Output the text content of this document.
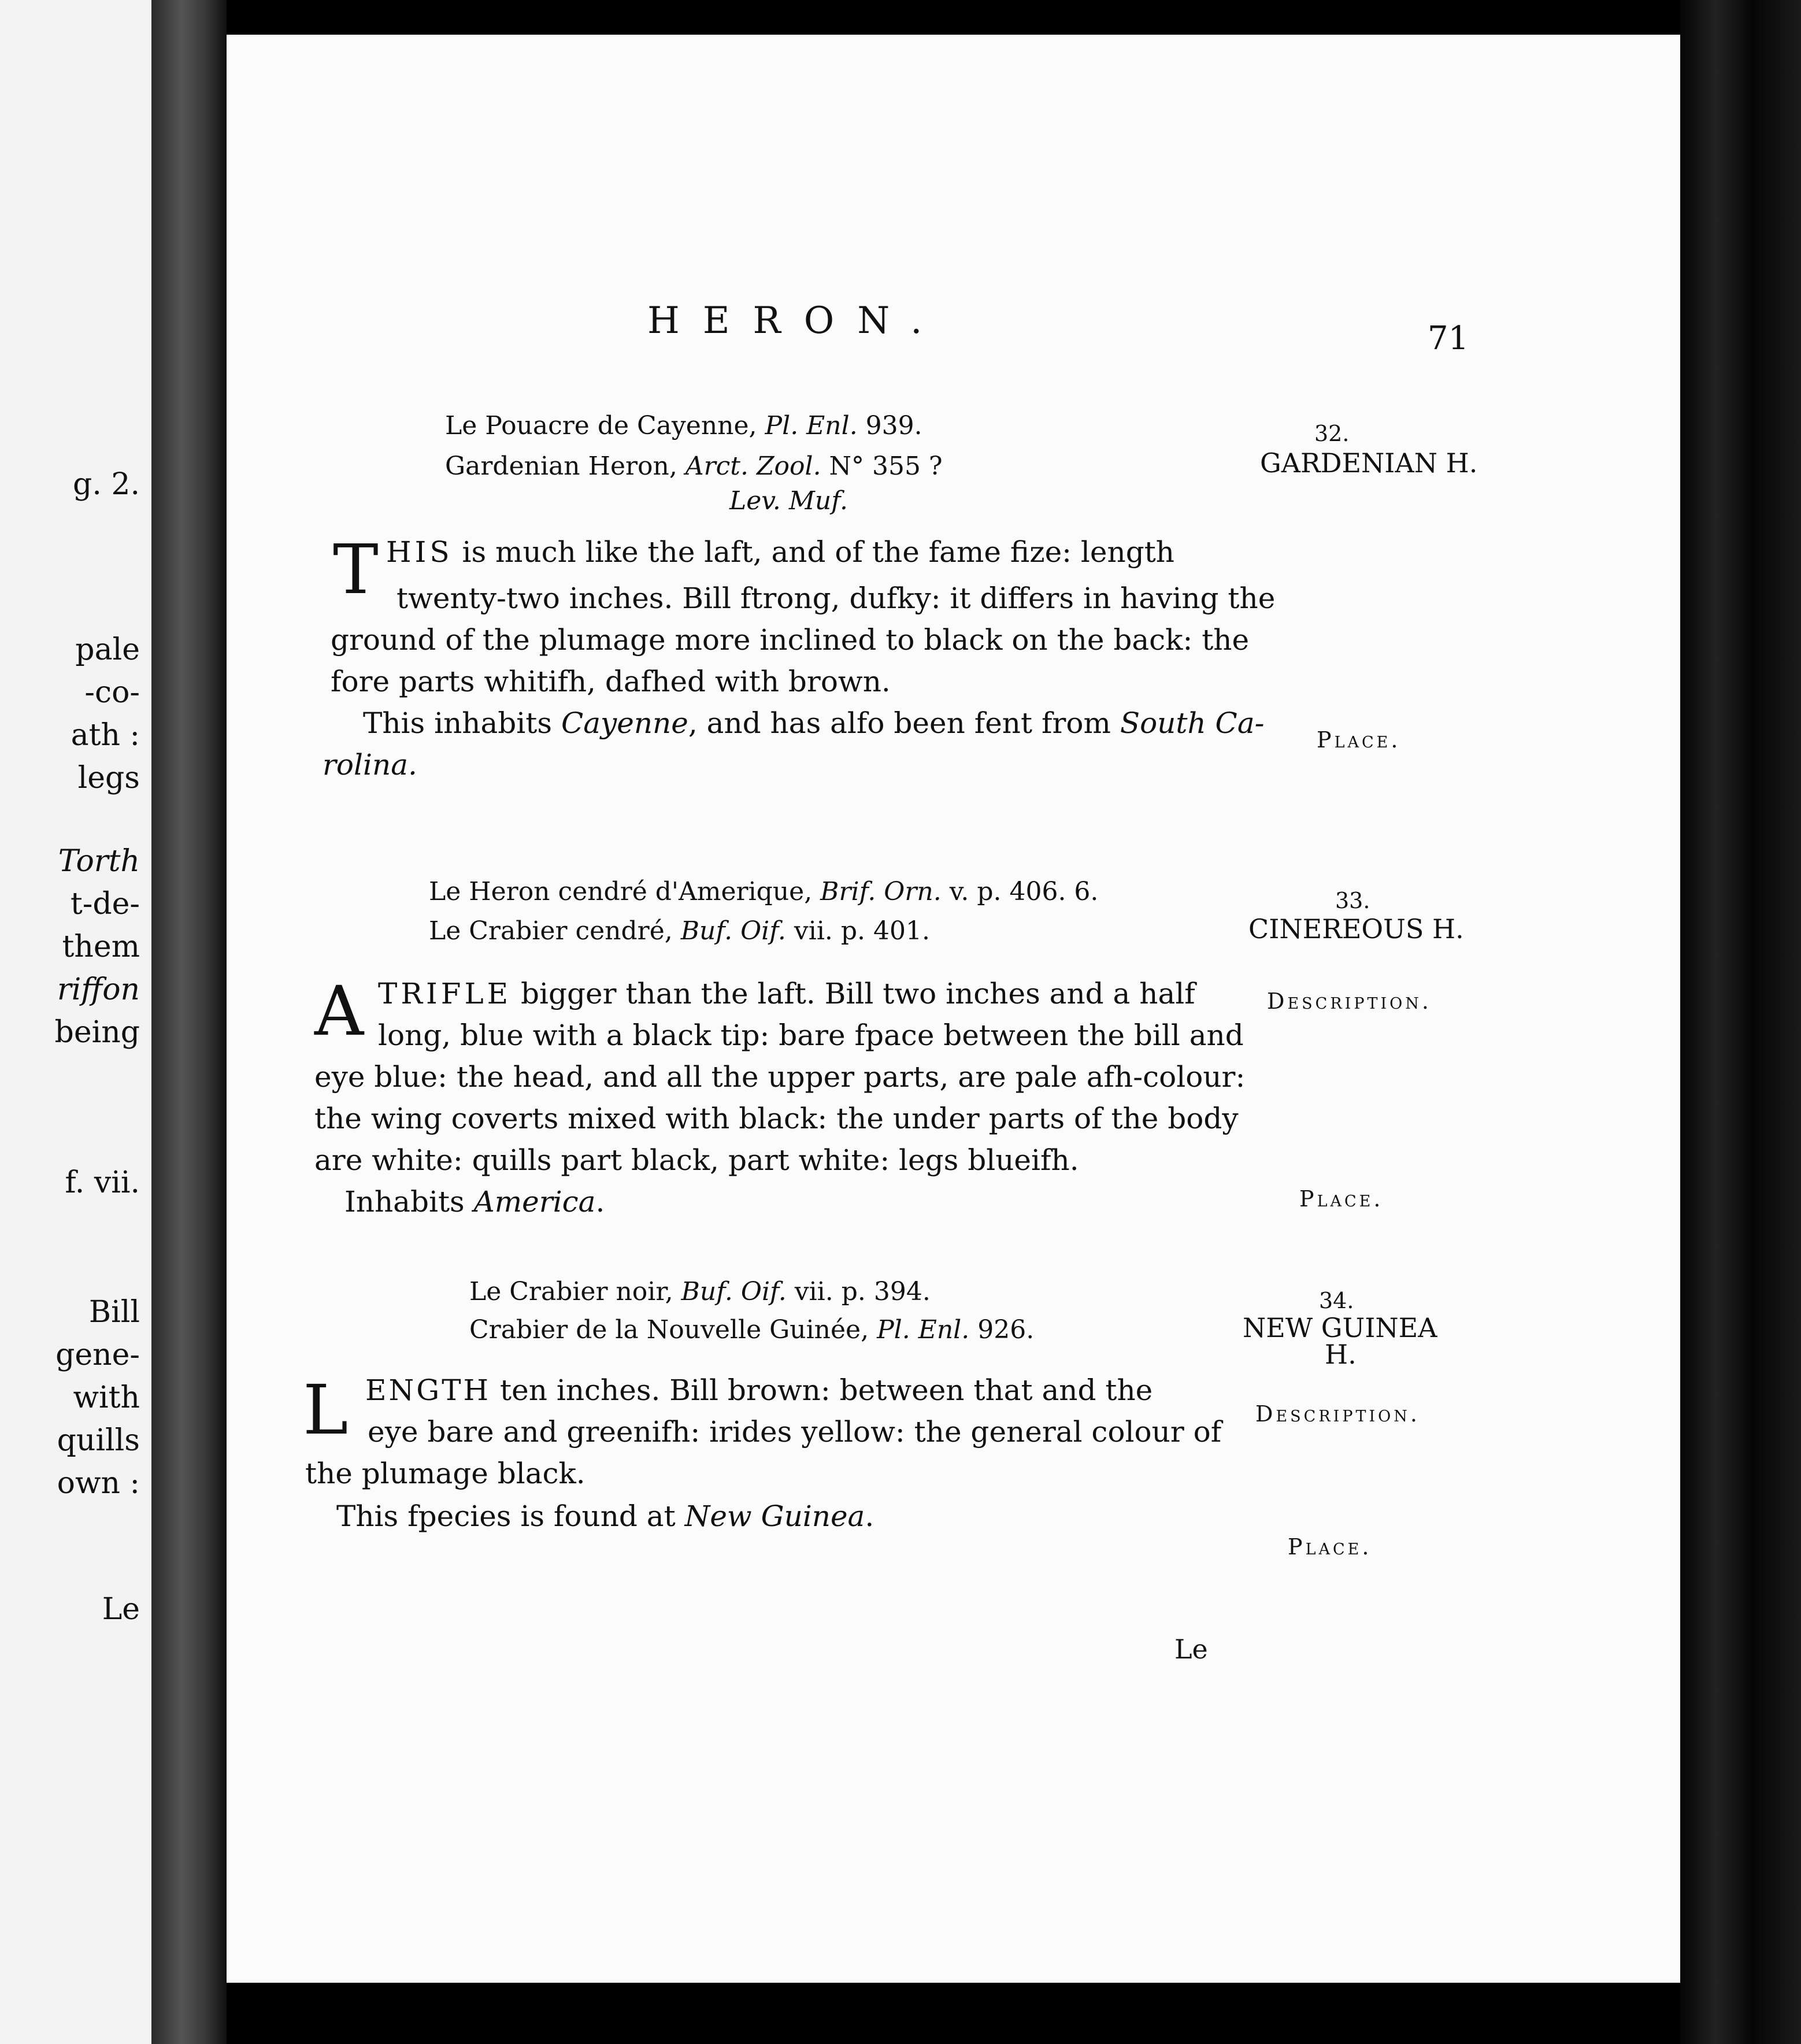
g. 2.
pale
-co-
ath :
legs
Torth
t-de-
them
riffon
being
f. vii.
Bill
gene-
with
quills
own :
Le
HERON.	71
Le Pouacre de Cayenne, Pl. Enl. 939.
Gardenian Heron, Arct. Zool. N° 355 ?
Lev. Muf.
32.
GARDENIAN H.
T HIS is much like the laft, and of the fame fize: length
twenty-two inches. Bill ftrong, dufky: it differs in having the
ground of the plumage more inclined to black on the back: the
fore parts whitifh, dafhed with brown.
This inhabits Cayenne, and has alfo been fent from South Ca-
rolina.
Place.
Le Heron cendré d'Amerique, Brif. Orn. v. p. 406. 6.
Le Crabier cendré, Buf. Oif. vii. p. 401.
33.
CINEREOUS H.
A TRIFLE bigger than the laft. Bill two inches and a half
long, blue with a black tip: bare fpace between the bill and
eye blue: the head, and all the upper parts, are pale afh-colour:
the wing coverts mixed with black: the under parts of the body
are white: quills part black, part white: legs blueifh.
Inhabits America.
Description.
Place.
Le Crabier noir, Buf. Oif. vii. p. 394.
Crabier de la Nouvelle Guinée, Pl. Enl. 926.
34.
NEW GUINEA
H.
L ENGTH ten inches. Bill brown: between that and the
eye bare and greenifh: irides yellow: the general colour of
the plumage black.
This fpecies is found at New Guinea.
Description.
Place.
Le
